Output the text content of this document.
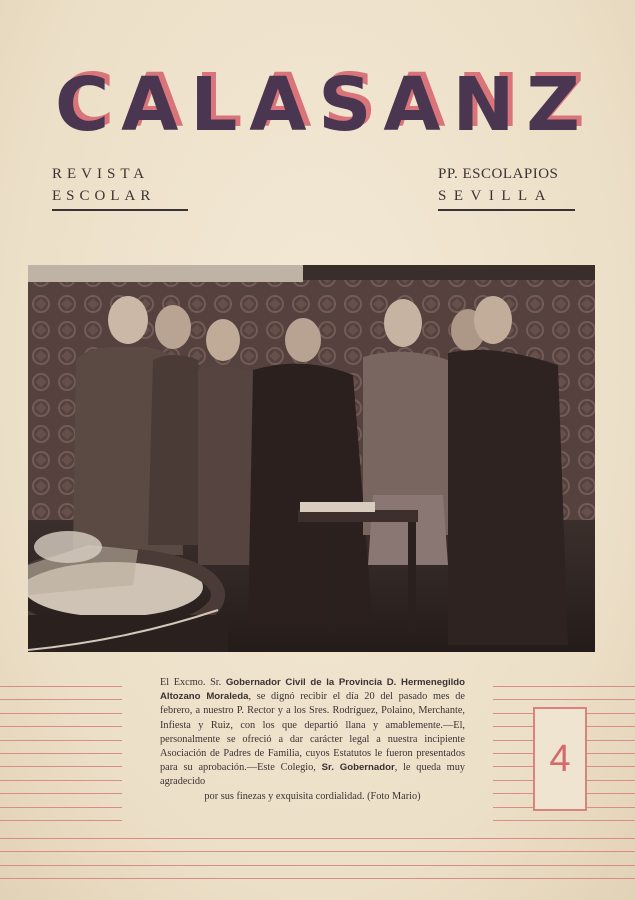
C A L A S A N Z
REVISTA
ESCOLAR
PP. ESCOLAPIOS
SEVILLA
4
El Excmo. Sr. Gobernador Civil de la Provincia D. Hermenegildo Altozano Moraleda, se dignó recibir el día 20 del pasado mes de febrero, a nuestro P. Rector y a los Sres. Rodríguez, Polaino, Merchante, Infiesta y Ruiz, con los que departió llana y amablemente.—El, personalmente se ofreció a dar carácter legal a nuestra incipiente Asociación de Padres de Familia, cuyos Estatutos le fueron presentados para su aprobación.—Este Colegio, Sr. Gobernador, le queda muy agradecido
por sus finezas y exquisita cordialidad. (Foto Mario)
